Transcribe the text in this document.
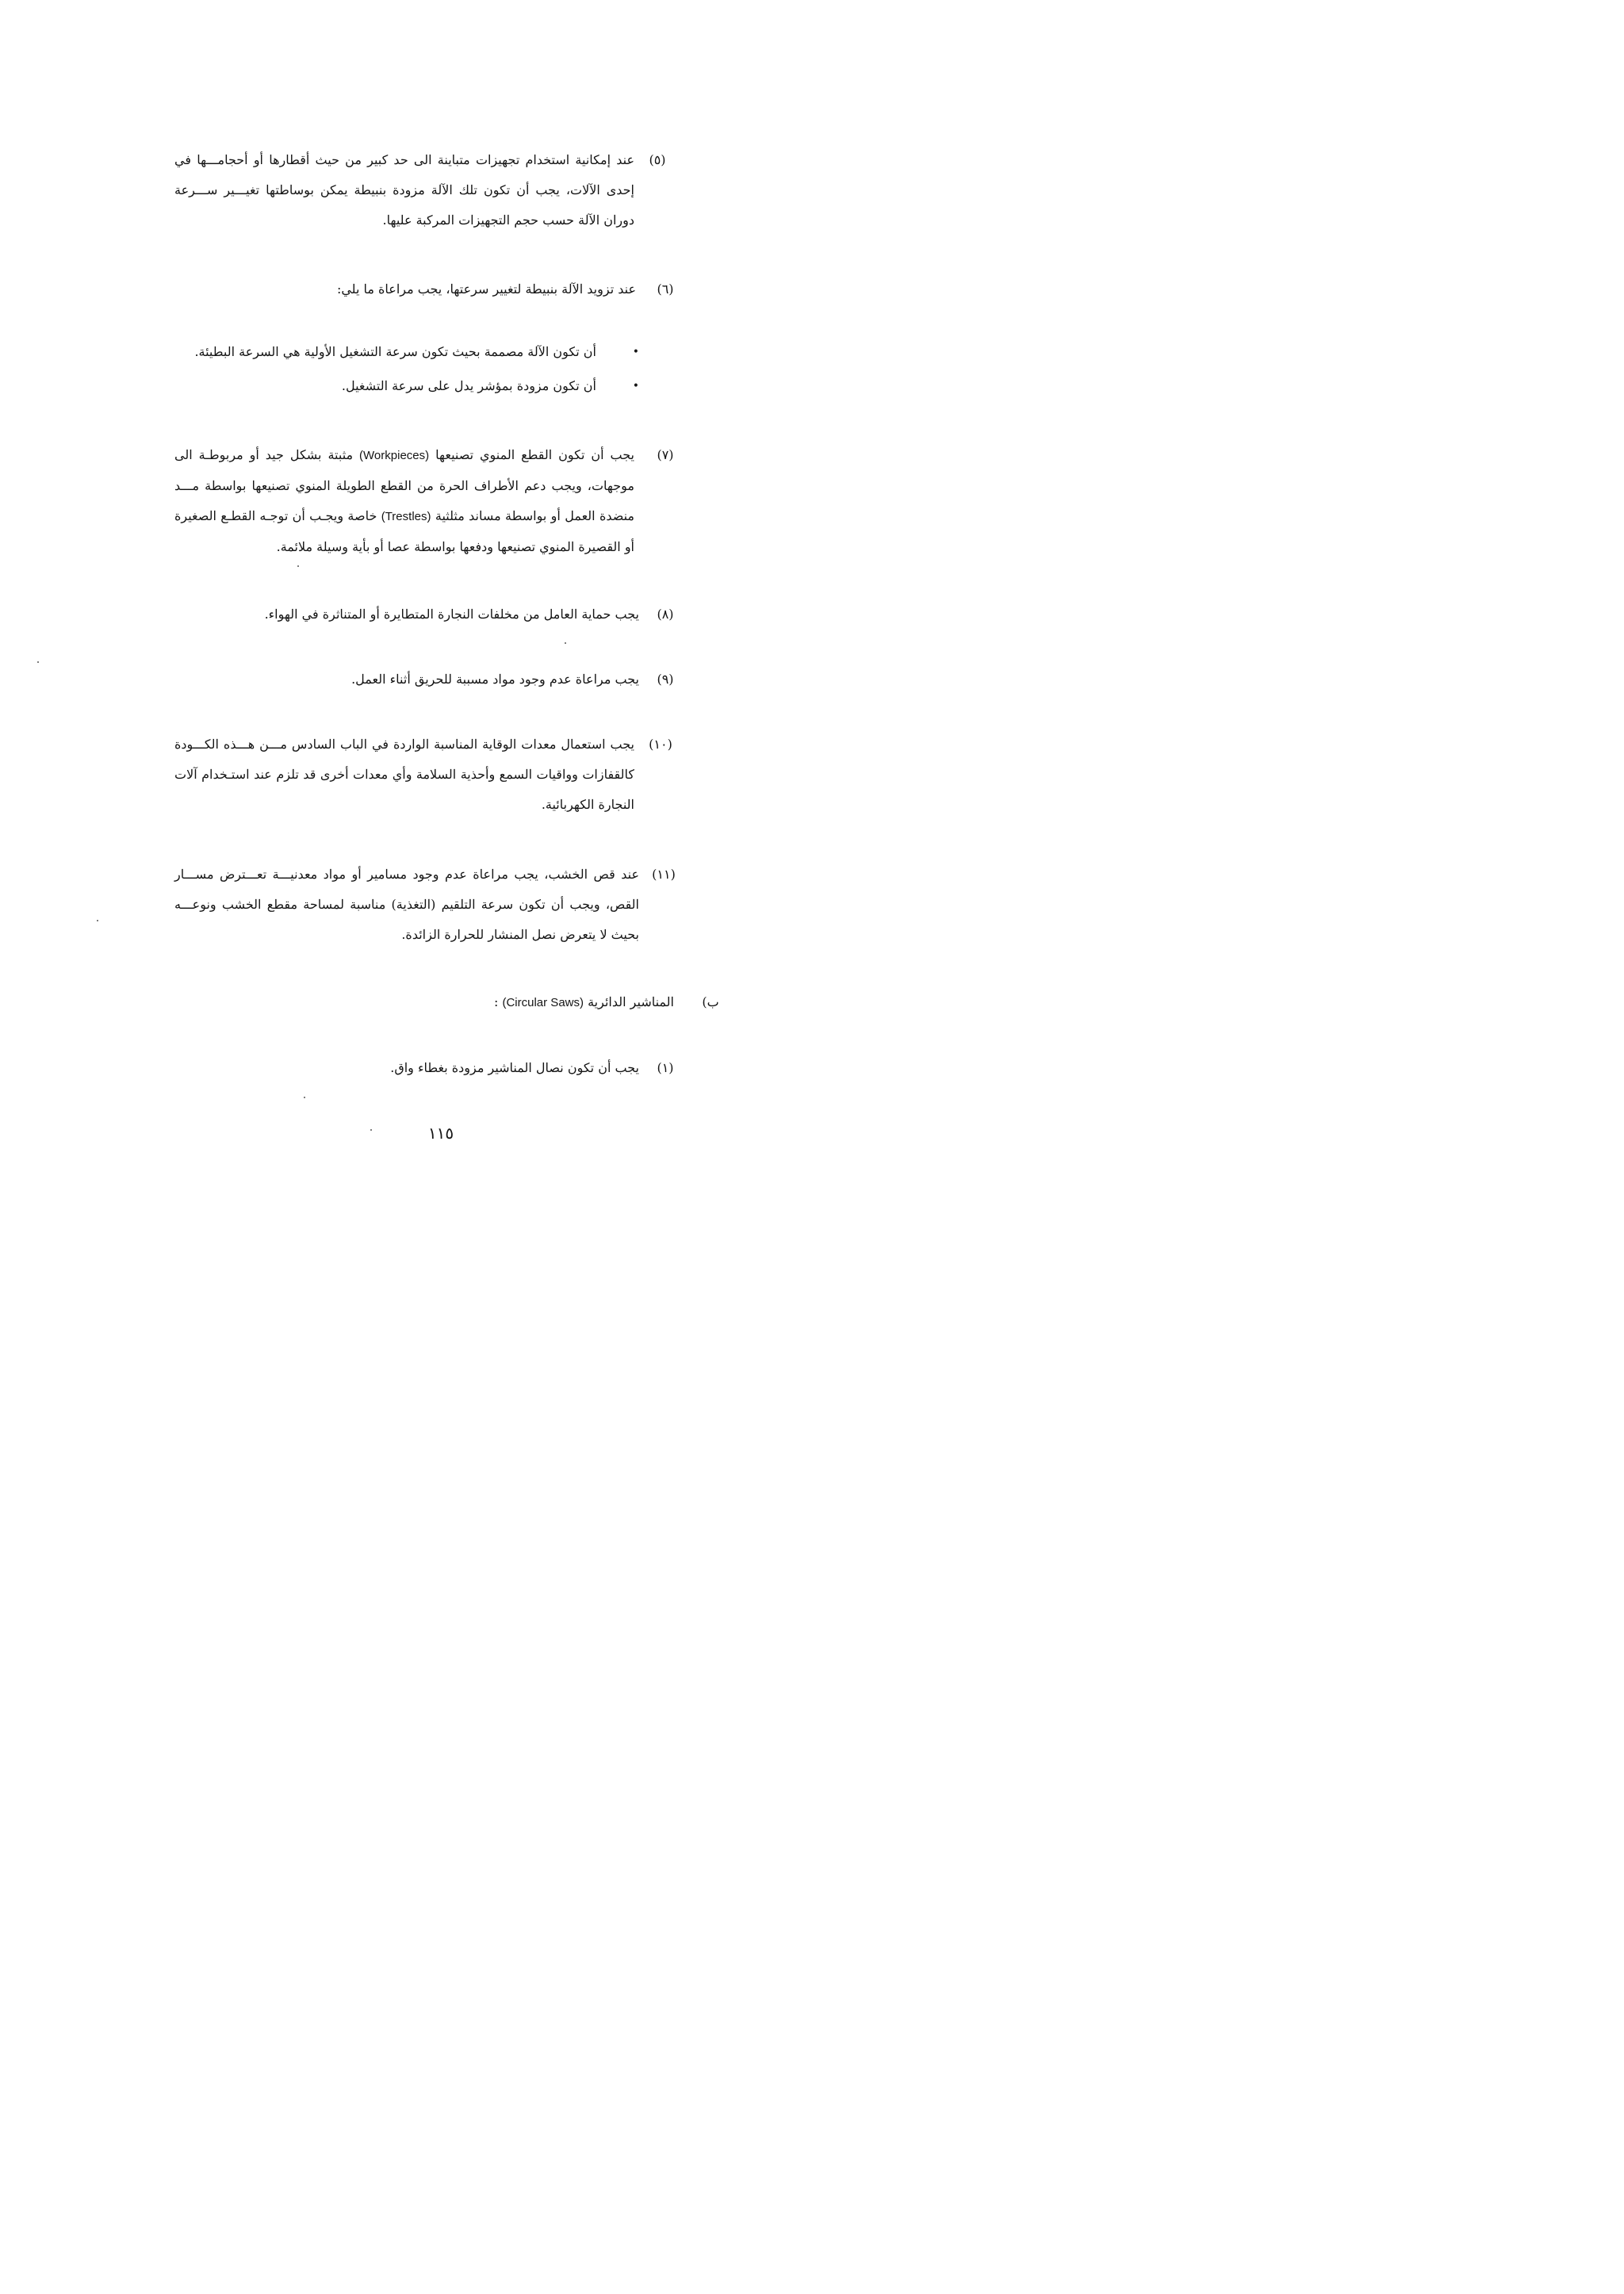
(٥)
عند إمكانية استخدام تجهيزات متباينة الى حد كبير من حيث أقطارها أو أحجامـــها في إحدى الآلات، يجب أن تكون تلك الآلة مزودة بنبيطة يمكن بوساطتها تغيـــير ســـرعة دوران الآلة حسب حجم التجهيزات المركبة عليها.
(٦)
عند تزويد الآلة بنبيطة لتغيير سرعتها، يجب مراعاة ما يلي:
•
أن تكون الآلة مصممة بحيث تكون سرعة التشغيل الأولية هي السرعة البطيئة.
•
أن تكون مزودة بمؤشر يدل على سرعة التشغيل.
(٧)
يجب أن تكون القطع المنوي تصنيعها (Workpieces) مثبتة بشكل جيد أو مربوطـة الى موجهات، ويجب دعم الأطراف الحرة من القطع الطويلة المنوي تصنيعها بواسطة مـــد منضدة العمل أو بواسطة مساند مثلثية (Trestles) خاصة ويجـب أن توجـه القطـع الصغيرة أو القصيرة المنوي تصنيعها ودفعها بواسطة عصا أو بأية وسيلة ملائمة.
(٨)
يجب حماية العامل من مخلفات النجارة المتطايرة أو المتناثرة في الهواء.
(٩)
يجب مراعاة عدم وجود مواد مسببة للحريق أثناء العمل.
(١٠)
يجب استعمال معدات الوقاية المناسبة الواردة في الباب السادس مـــن هـــذه الكـــودة كالقفازات وواقيات السمع وأحذية السلامة وأي معدات أخرى قد تلزم عند استـخدام آلات النجارة الكهربائية.
(١١)
عند قص الخشب، يجب مراعاة عدم وجود مسامير أو مواد معدنيـــة تعـــترض مســـار القص، ويجب أن تكون سرعة التلقيم (التغذية) مناسبة لمساحة مقطع الخشب ونوعـــه بحيث لا يتعرض نصل المنشار للحرارة الزائدة.
ب)
المناشير الدائرية (Circular Saws) :
(١)
يجب أن تكون نصال المناشير مزودة بغطاء واق.
١١٥
